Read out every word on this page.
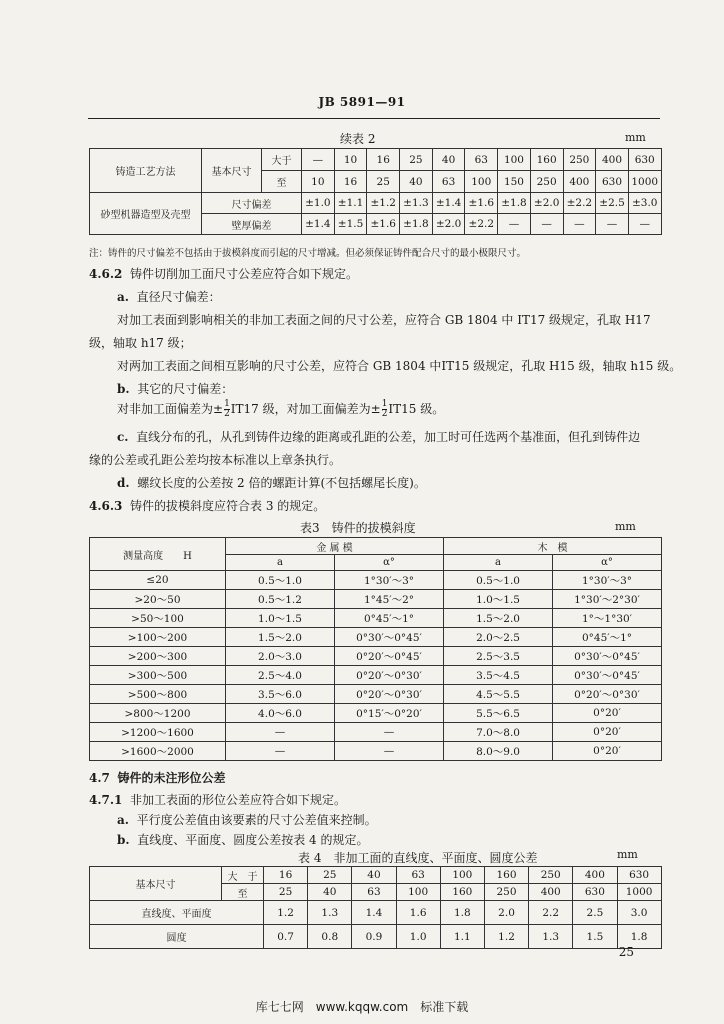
JB 5891—91
续表 2	mm
铸造工艺方法	基本尺寸	大于	—	10	16	25	40	63	100	160	250	400	630
		至	10	16	25	40	63	100	150	250	400	630	1000
砂型机器造型及壳型	尺寸偏差		±1.0	±1.1	±1.2	±1.3	±1.4	±1.6	±1.8	±2.0	±2.2	±2.5	±3.0
	壁厚偏差		±1.4	±1.5	±1.6	±1.8	±2.0	±2.2	—	—	—	—	—
注：铸件的尺寸偏差不包括由于拔模斜度而引起的尺寸增减。但必须保证铸件配合尺寸的最小极限尺寸。
4.6.2 铸件切削加工面尺寸公差应符合如下规定。
a. 直径尺寸偏差：
对加工表面到影响相关的非加工表面之间的尺寸公差，应符合 GB 1804 中 IT17 级规定，孔取 H17
级，轴取 h17 级；
对两加工表面之间相互影响的尺寸公差，应符合 GB 1804 中IT15 级规定，孔取 H15 级，轴取 h15 级。
b. 其它的尺寸偏差：
对非加工面偏差为± $\frac{1}{2} IT17$ 级，对加工面偏差为± $\frac{1}{2} IT15$ 级。
c. 直线分布的孔，从孔到铸件边缘的距离或孔距的公差，加工时可任选两个基准面，但孔到铸件边
缘的公差或孔距公差均按本标准以上章条执行。
d. 螺纹长度的公差按 2 倍的螺距计算(不包括螺尾长度)。
4.6.3 铸件的拔模斜度应符合表 3 的规定。
表3　铸件的拔模斜度	mm
测量高度　　H	金 属 模		木　模	
	a	α°	a	α°
≤20	0.5～1.0	1°30′～3°	0.5～1.0	1°30′～3°
>20～50	0.5～1.2	1°45′～2°	1.0～1.5	1°30′～2°30′
>50～100	1.0～1.5	0°45′～1°	1.5～2.0	1°～1°30′
>100～200	1.5～2.0	0°30′～0°45′	2.0～2.5	0°45′～1°
>200～300	2.0～3.0	0°20′～0°45′	2.5～3.5	0°30′～0°45′
>300～500	2.5～4.0	0°20′～0°30′	3.5～4.5	0°30′～0°45′
>500～800	3.5～6.0	0°20′～0°30′	4.5～5.5	0°20′～0°30′
>800～1200	4.0～6.0	0°15′～0°20′	5.5～6.5	0°20′
>1200～1600	—	—	7.0～8.0	0°20′
>1600～2000	—	—	8.0～9.0	0°20′
4.7 铸件的未注形位公差
4.7.1 非加工表面的形位公差应符合如下规定。
a. 平行度公差值由该要素的尺寸公差值来控制。
b. 直线度、平面度、圆度公差按表 4 的规定。
表 4　非加工面的直线度、平面度、圆度公差	mm
基本尺寸	大　于	16	25	40	63	100	160	250	400	630
	至	25	40	63	100	160	250	400	630	1000
直线度、平面度		1.2	1.3	1.4	1.6	1.8	2.0	2.2	2.5	3.0
圆度		0.7	0.8	0.9	1.0	1.1	1.2	1.3	1.5	1.8
25
库七七网　www.kqqw.com　标准下载
